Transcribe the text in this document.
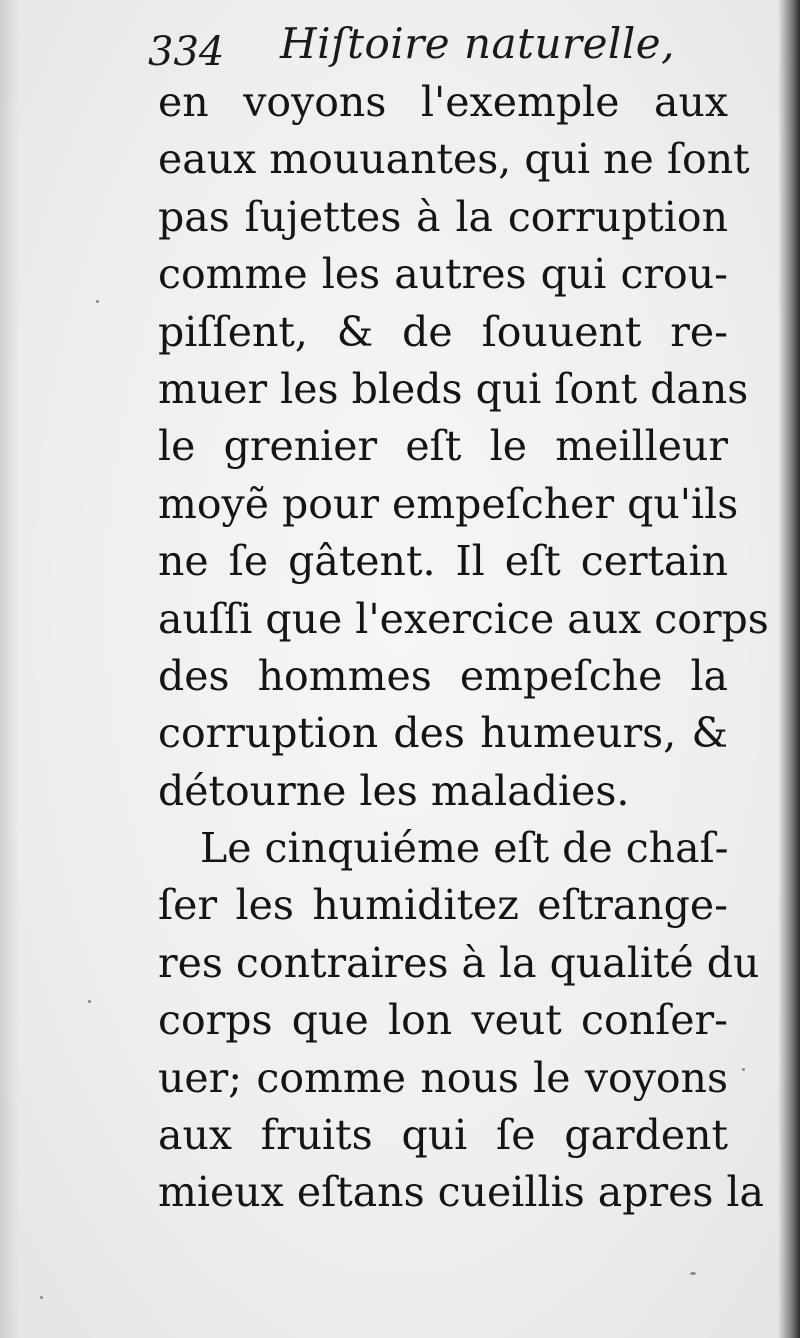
334 Hiſtoire naturelle,
en voyons l'exemple aux
eaux mouuantes, qui ne ſont
pas ſujettes à la corruption
comme les autres qui crou-
piſſent, & de ſouuent re-
muer les bleds qui ſont dans
le grenier eſt le meilleur
moyẽ pour empeſcher qu'ils
ne ſe gâtent. Il eſt certain
auſſi que l'exercice aux corps
des hommes empeſche la
corruption des humeurs, &
détourne les maladies.
Le cinquiéme eſt de chaſ-
ſer les humiditez eſtrange-
res contraires à la qualité du
corps que lon veut conſer-
uer; comme nous le voyons
aux fruits qui ſe gardent
mieux eſtans cueillis apres la
